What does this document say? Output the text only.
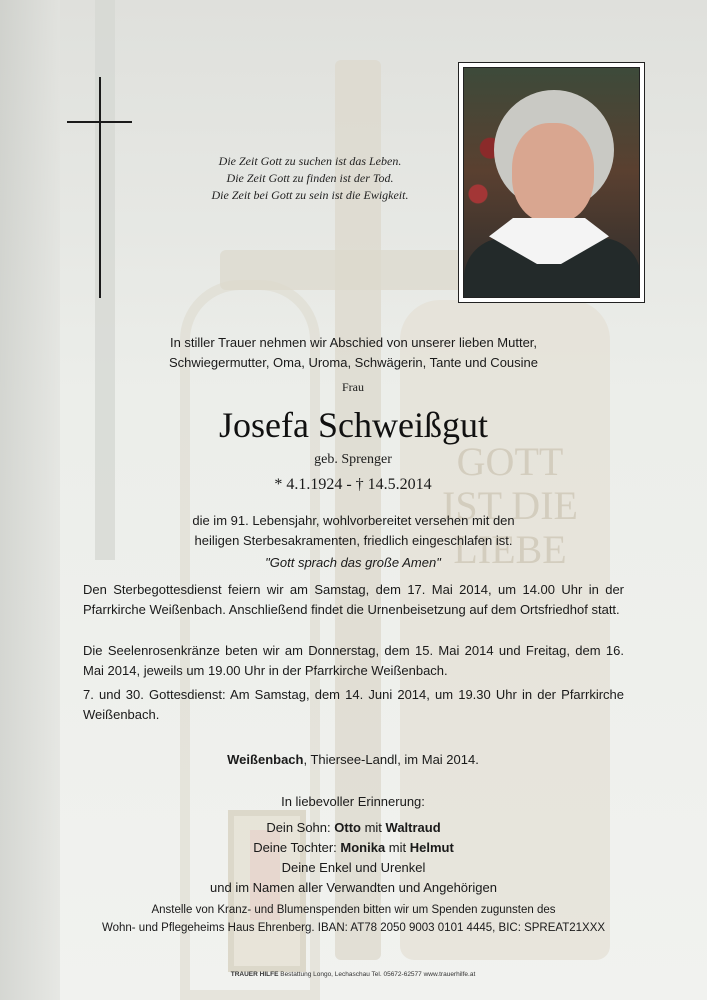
GOTT
IST DIE
LIEBE
Die Zeit Gott zu suchen ist das Leben.
Die Zeit Gott zu finden ist der Tod.
Die Zeit bei Gott zu sein ist die Ewigkeit.
In stiller Trauer nehmen wir Abschied von unserer lieben Mutter,
Schwiegermutter, Oma, Uroma, Schwägerin, Tante und Cousine
Frau
Josefa Schweißgut
geb. Sprenger
* 4.1.1924 - † 14.5.2014
die im 91. Lebensjahr, wohlvorbereitet versehen mit den
heiligen Sterbesakramenten, friedlich eingeschlafen ist.
"Gott sprach das große Amen"
Den Sterbegottesdienst feiern wir am Samstag, dem 17. Mai 2014, um 14.00 Uhr in der Pfarrkirche Weißenbach. Anschließend findet die Urnenbeisetzung auf dem Ortsfriedhof statt.
Die Seelenrosenkränze beten wir am Donnerstag, dem 15. Mai 2014 und Freitag, dem 16. Mai 2014, jeweils um 19.00 Uhr in der Pfarrkirche Weißenbach.
7. und 30. Gottesdienst: Am Samstag, dem 14. Juni 2014, um 19.30 Uhr in der Pfarrkirche Weißenbach.
Weißenbach, Thiersee-Landl, im Mai 2014.
In liebevoller Erinnerung:
Dein Sohn: Otto mit Waltraud
Deine Tochter: Monika mit Helmut
Deine Enkel und Urenkel
und im Namen aller Verwandten und Angehörigen
Anstelle von Kranz- und Blumenspenden bitten wir um Spenden zugunsten des
Wohn- und Pflegeheims Haus Ehrenberg. IBAN: AT78 2050 9003 0101 4445, BIC: SPREAT21XXX
TRAUER HILFE Bestattung Longo, Lechaschau Tel. 05672-62577 www.trauerhilfe.at
